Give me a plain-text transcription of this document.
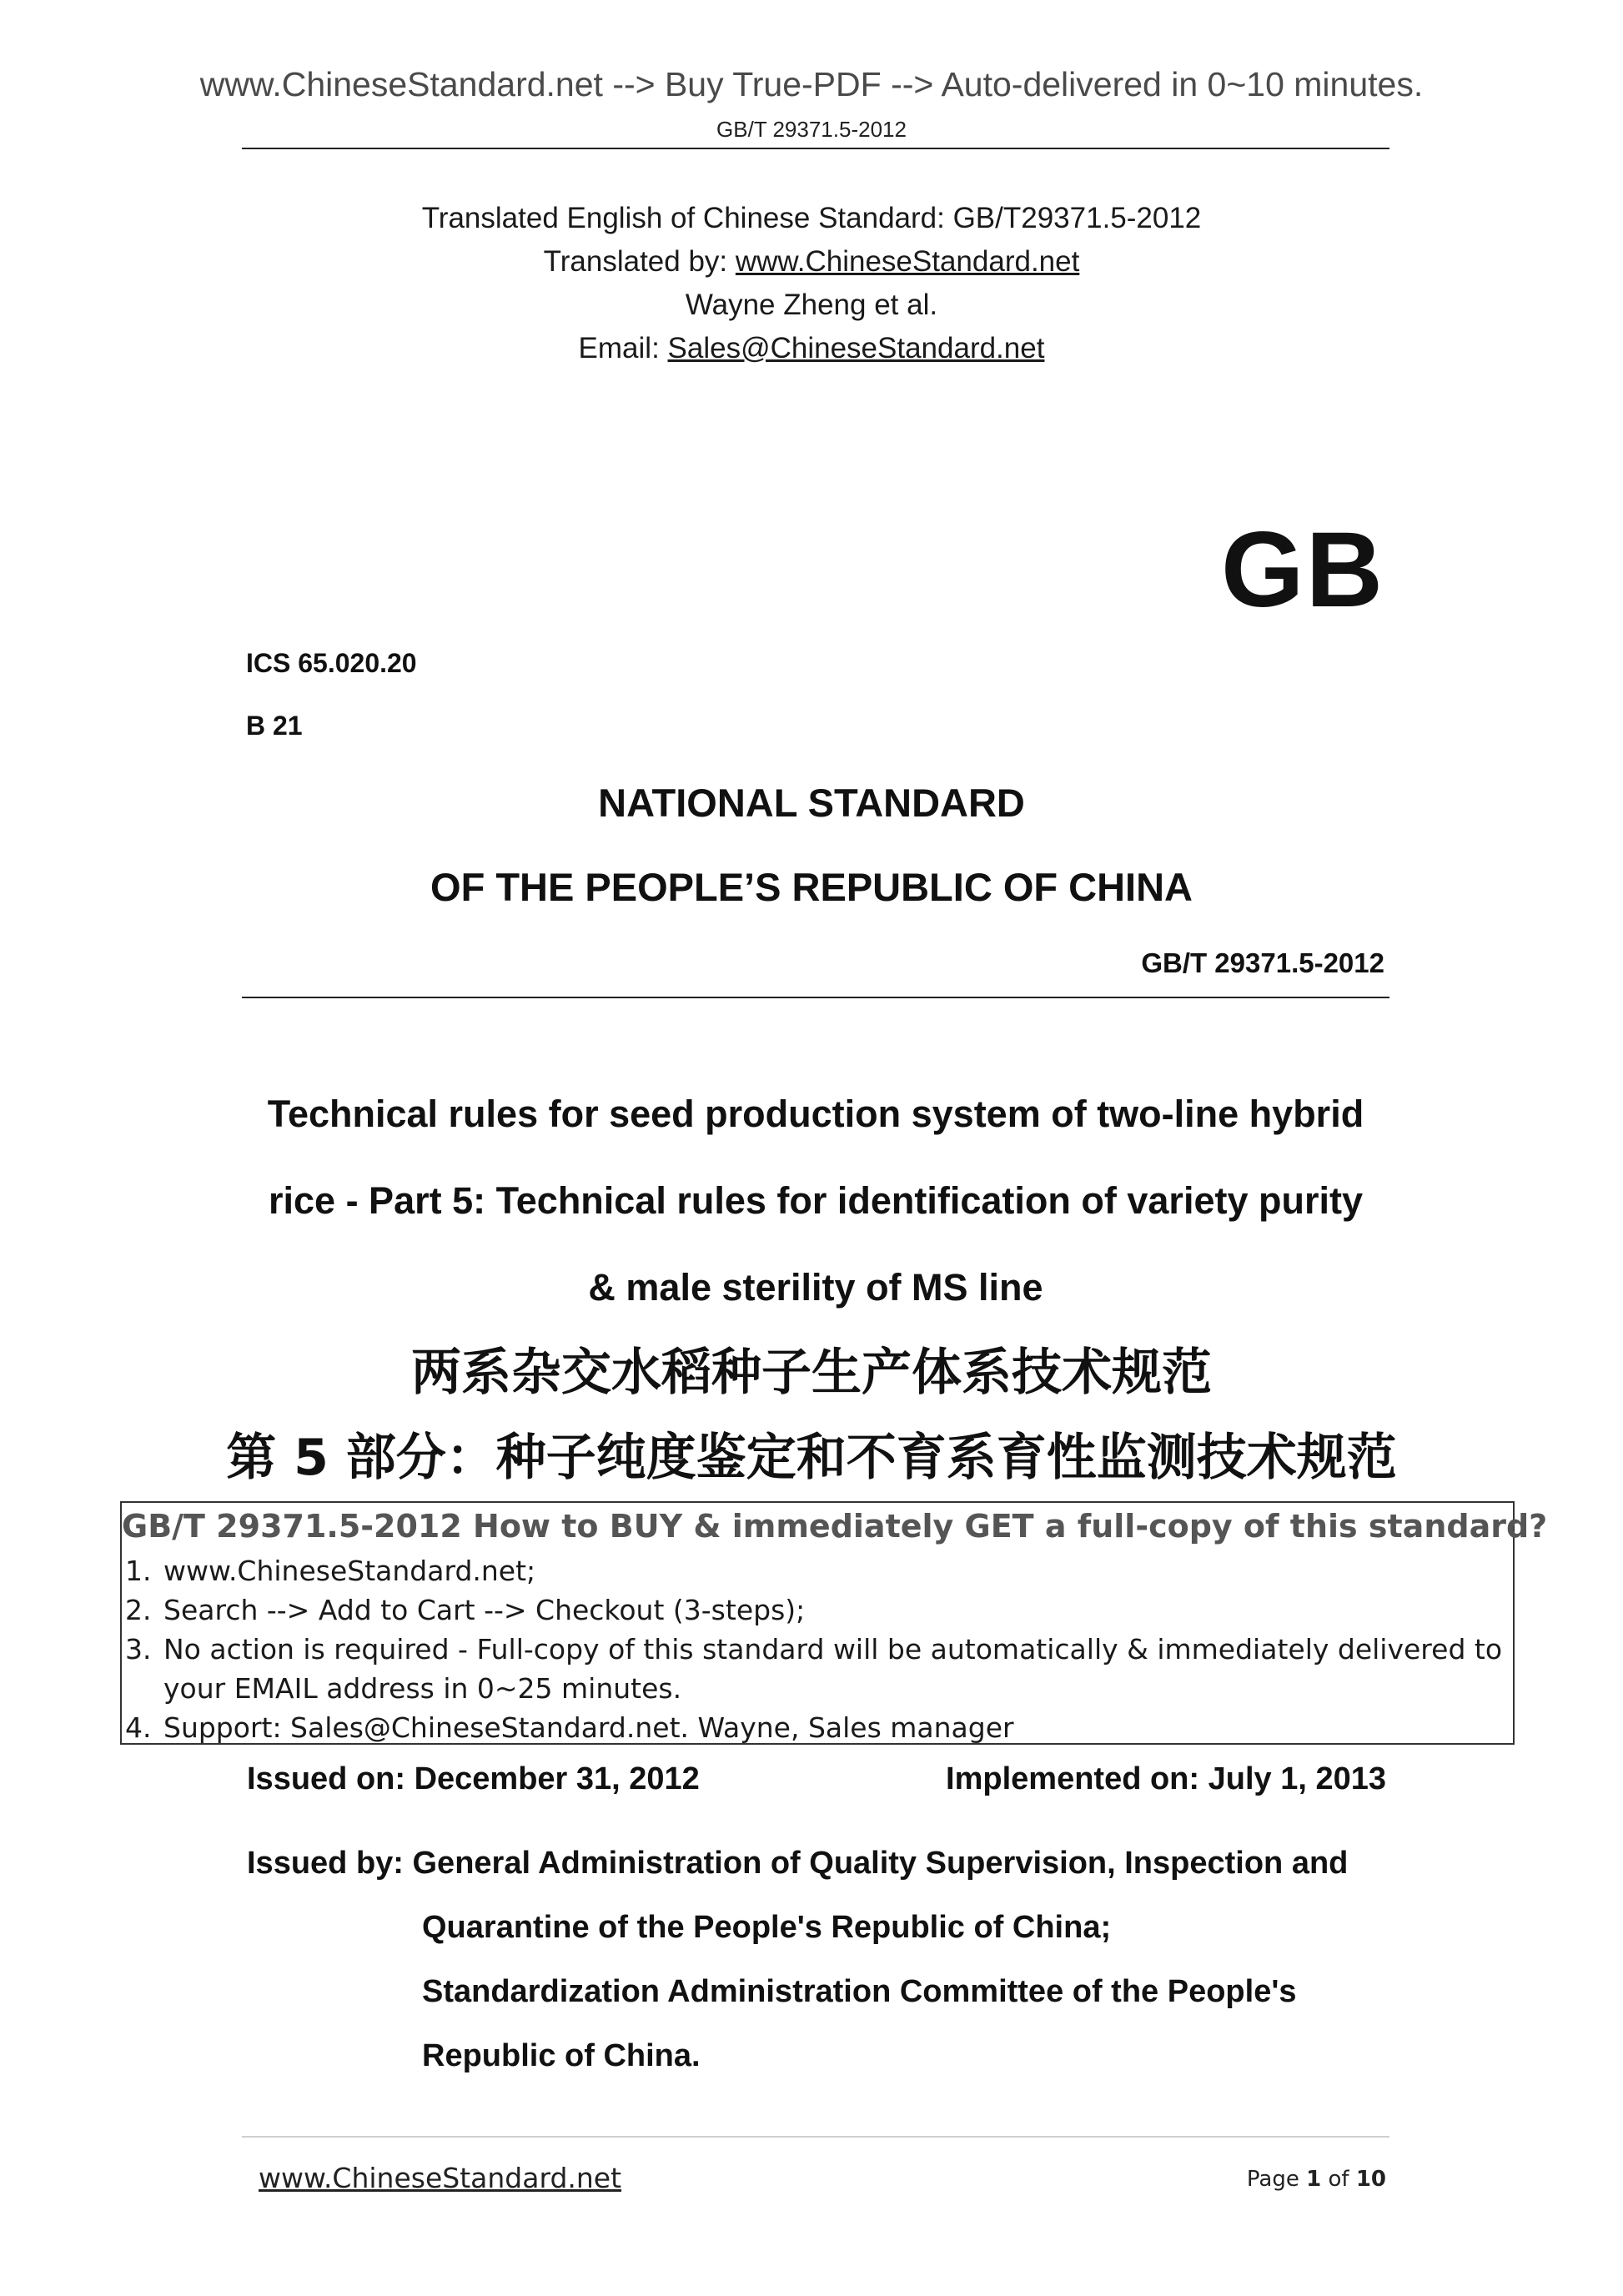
www.ChineseStandard.net --> Buy True-PDF --> Auto-delivered in 0~10 minutes.
GB/T 29371.5-2012
Translated English of Chinese Standard: GB/T29371.5-2012
Translated by: www.ChineseStandard.net
Wayne Zheng et al.
Email: Sales@ChineseStandard.net
GB
ICS 65.020.20
B 21
NATIONAL STANDARD
OF THE PEOPLE’S REPUBLIC OF CHINA
GB/T 29371.5-2012
Technical rules for seed production system of two-line hybrid
rice - Part 5: Technical rules for identification of variety purity
& male sterility of MS line
两系杂交水稻种子生产体系技术规范
第 5 部分：种子纯度鉴定和不育系育性监测技术规范
GB/T 29371.5-2012 How to BUY & immediately GET a full-copy of this standard?
1. www.ChineseStandard.net;
2. Search --> Add to Cart --> Checkout (3-steps);
3. No action is required - Full-copy of this standard will be automatically & immediately delivered to your EMAIL address in 0~25 minutes.
4. Support: Sales@ChineseStandard.net. Wayne, Sales manager
Issued on: December 31, 2012	Implemented on: July 1, 2013
Issued by: General Administration of Quality Supervision, Inspection and
Quarantine of the People's Republic of China;
Standardization Administration Committee of the People's
Republic of China.
www.ChineseStandard.net	Page 1 of 10
